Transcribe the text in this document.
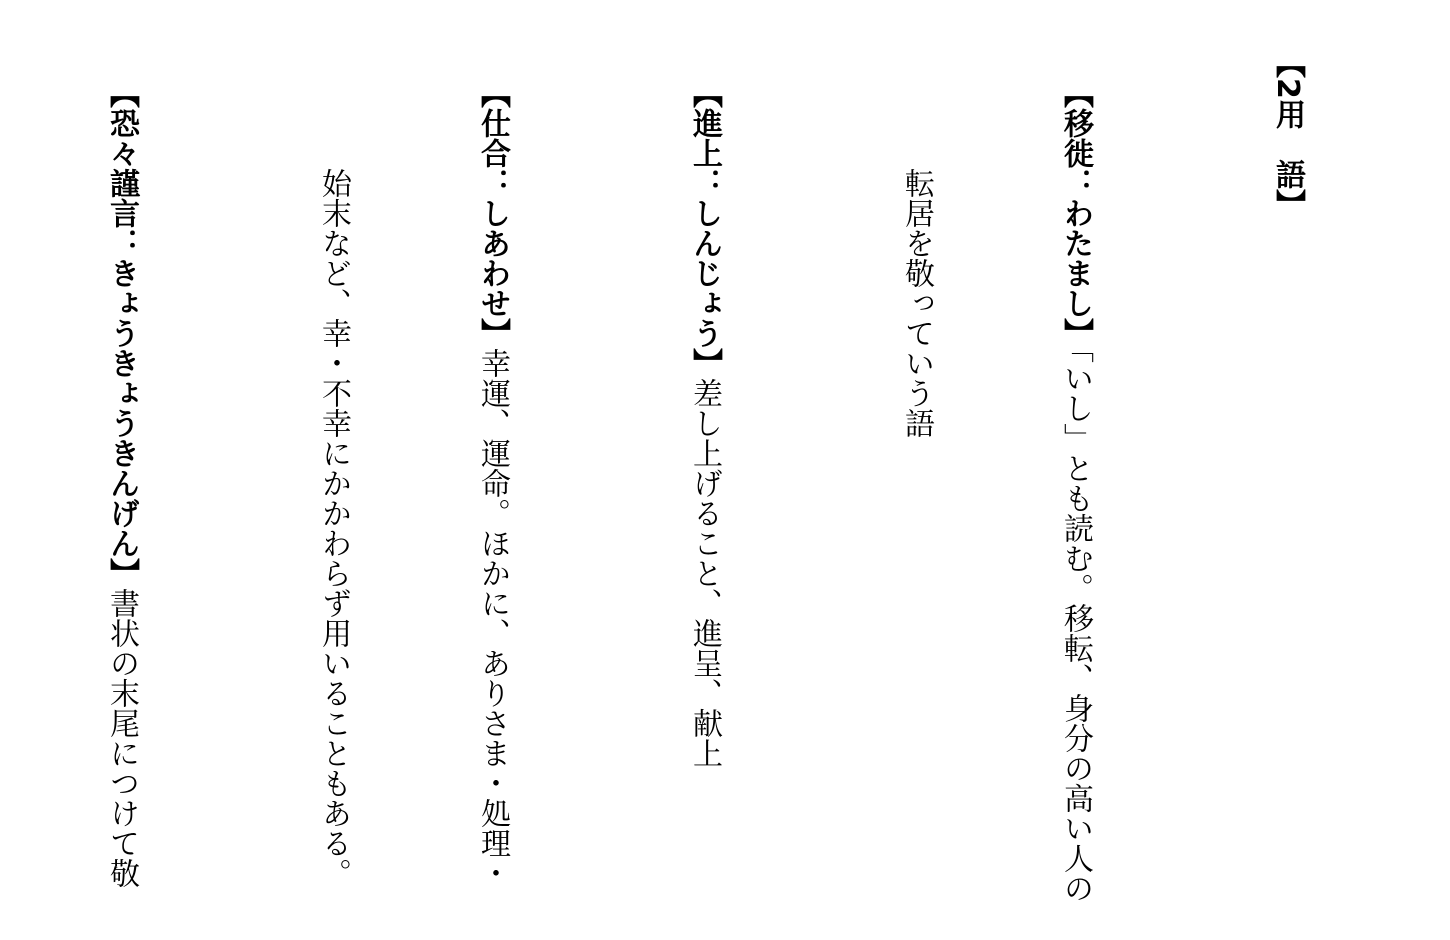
【2用　語】

【移徙：わたまし】「いし」とも読む。移転、身分の高い人の

転居を敬っていう語

【進上：しんじょう】差し上げること、進呈、献上

【仕合：しあわせ】幸運、運命。ほかに、ありさま・処理・

始末など、幸・不幸にかかわらず用いることもある。

【恐々謹言：きょうきょうきんげん】書状の末尾につけて敬
